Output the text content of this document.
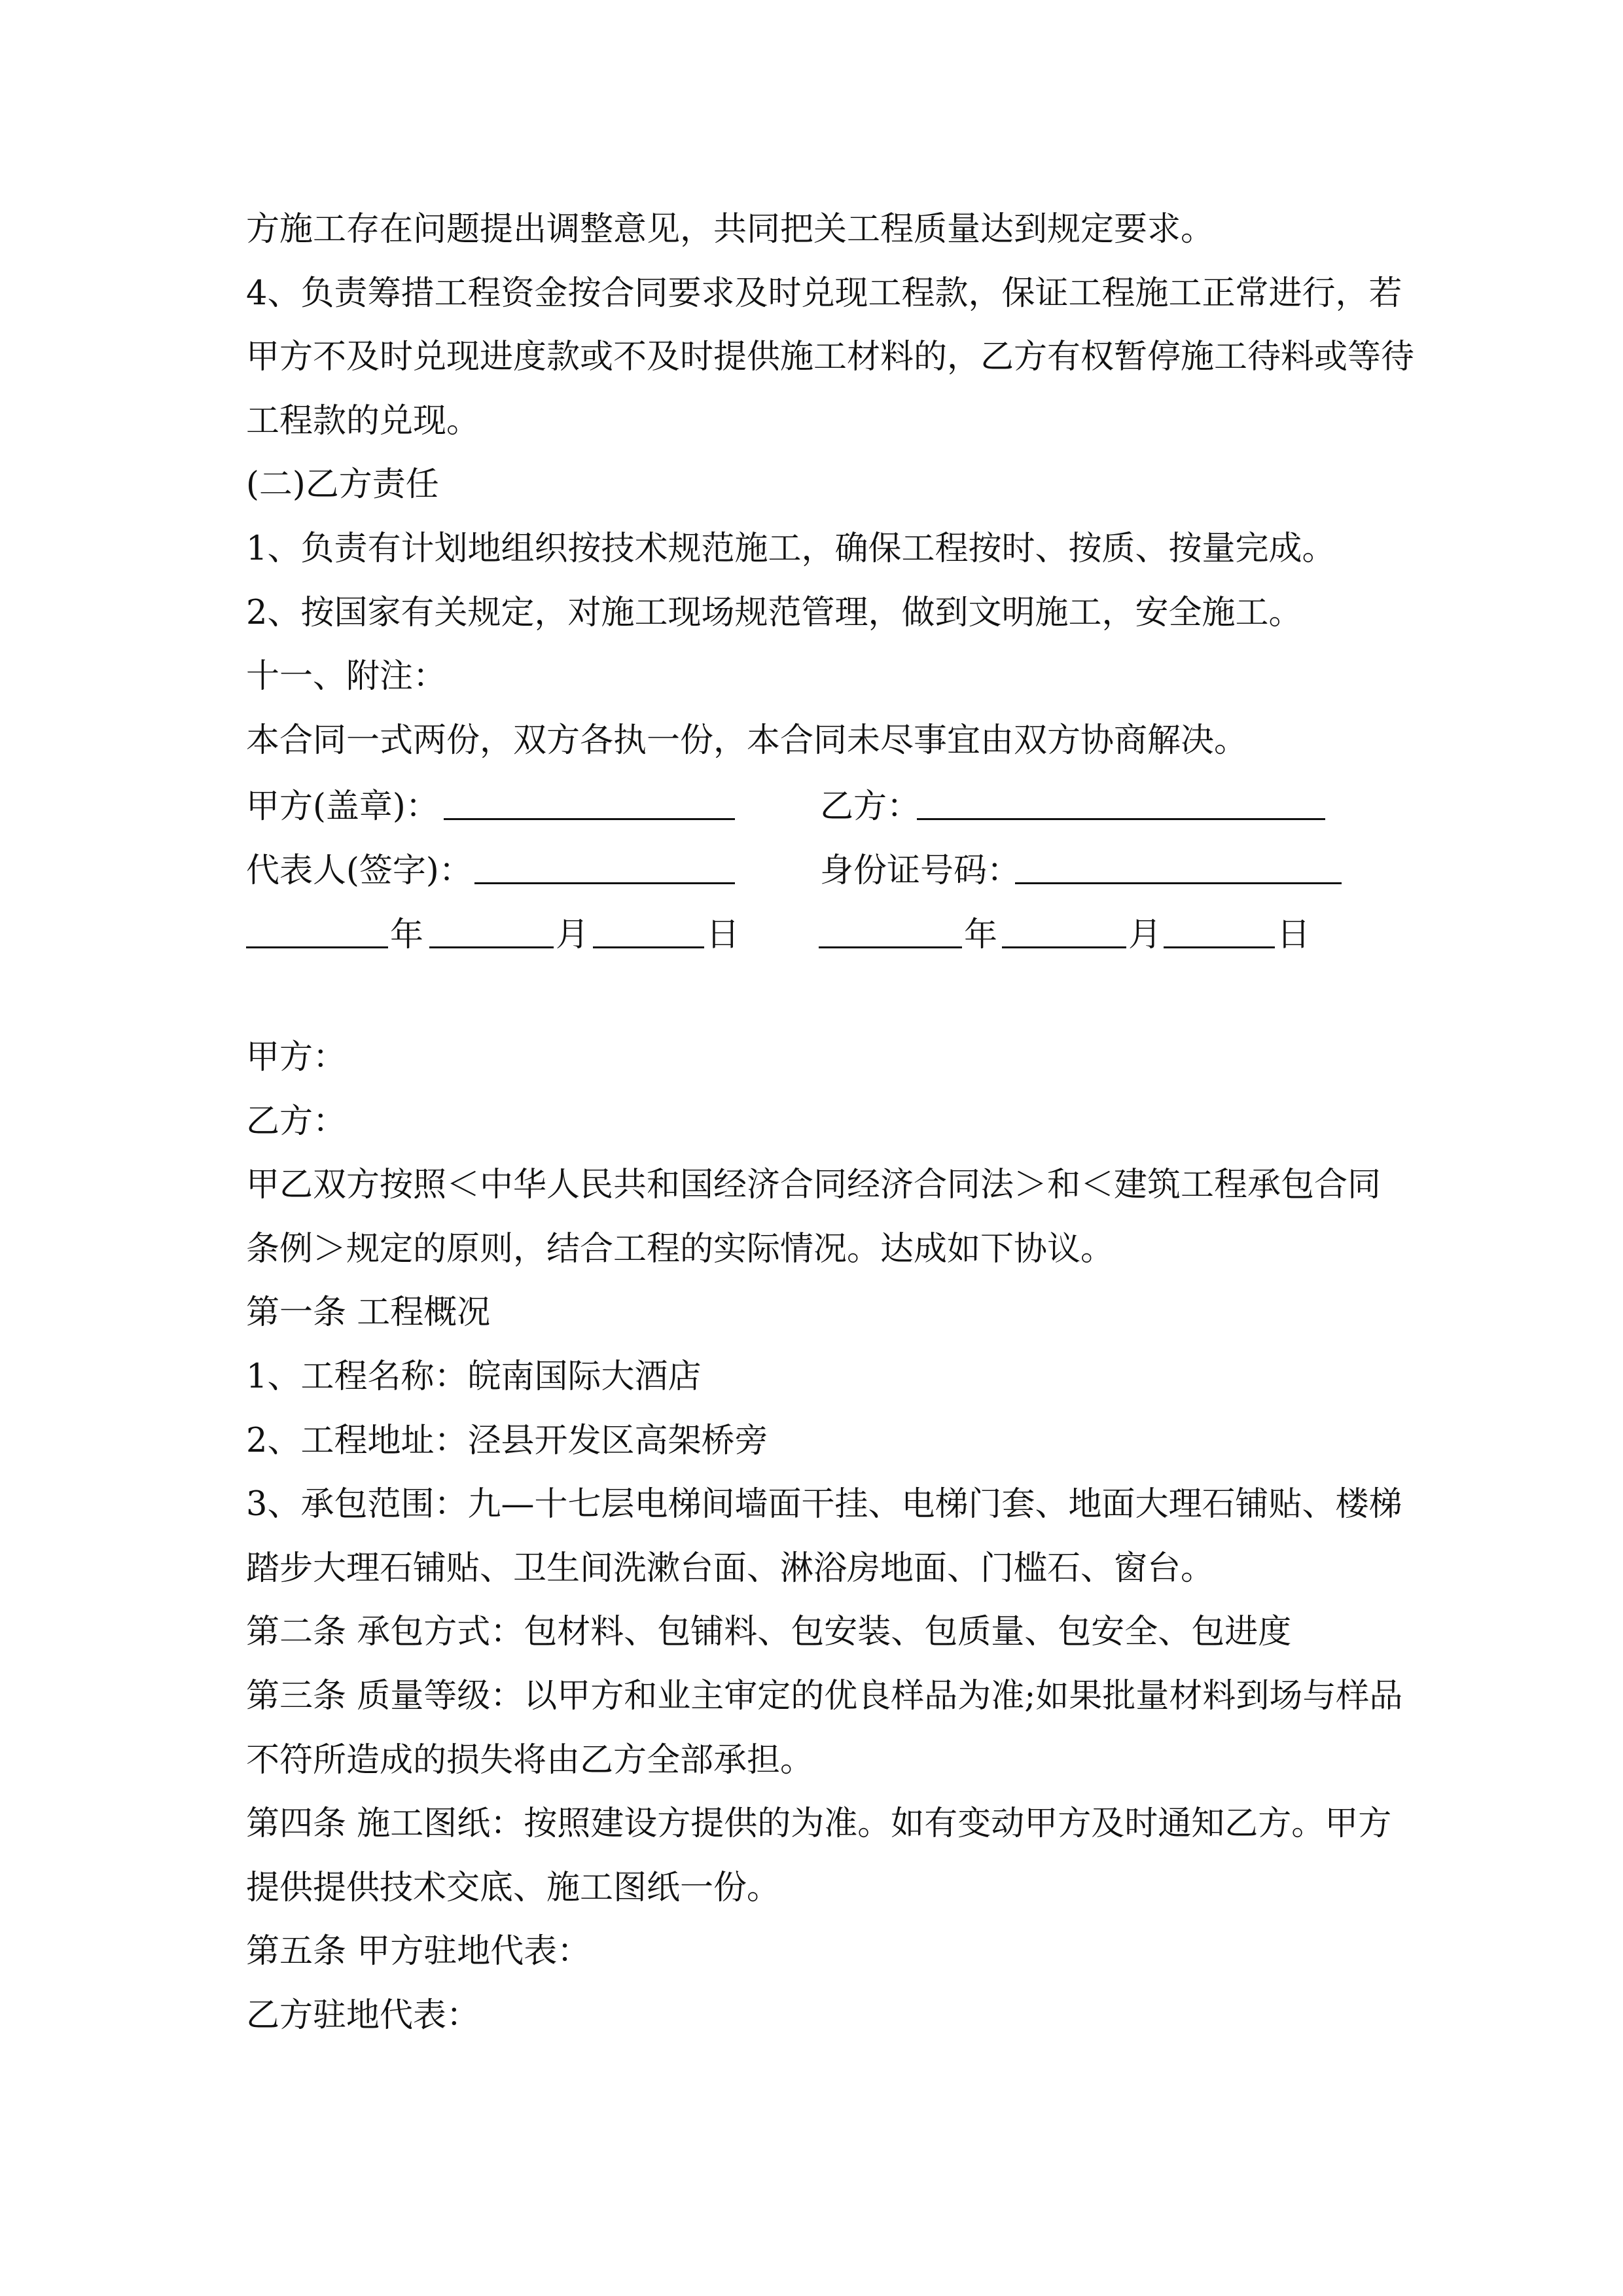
方施工存在问题提出调整意见，共同把关工程质量达到规定要求。
4、负责筹措工程资金按合同要求及时兑现工程款，保证工程施工正常进行，若
甲方不及时兑现进度款或不及时提供施工材料的，乙方有权暂停施工待料或等待
工程款的兑现。
(二)乙方责任
1、负责有计划地组织按技术规范施工，确保工程按时、按质、按量完成。
2、按国家有关规定，对施工现场规范管理，做到文明施工，安全施工。
十一、附注：
本合同一式两份，双方各执一份，本合同未尽事宜由双方协商解决。
甲方(盖章)：	乙方：
代表人(签字)：	身份证号码：
年	月	日	年	月	日
甲方：
乙方：
甲乙双方按照＜中华人民共和国经济合同经济合同法＞和＜建筑工程承包合同
条例＞规定的原则，结合工程的实际情况。达成如下协议。
第一条 工程概况
1、工程名称：皖南国际大酒店
2、工程地址：泾县开发区高架桥旁
3、承包范围：九—十七层电梯间墙面干挂、电梯门套、地面大理石铺贴、楼梯
踏步大理石铺贴、卫生间洗漱台面、淋浴房地面、门槛石、窗台。
第二条 承包方式：包材料、包铺料、包安装、包质量、包安全、包进度
第三条 质量等级：以甲方和业主审定的优良样品为准;如果批量材料到场与样品
不符所造成的损失将由乙方全部承担。
第四条 施工图纸：按照建设方提供的为准。如有变动甲方及时通知乙方。甲方
提供提供技术交底、施工图纸一份。
第五条 甲方驻地代表：
乙方驻地代表：
